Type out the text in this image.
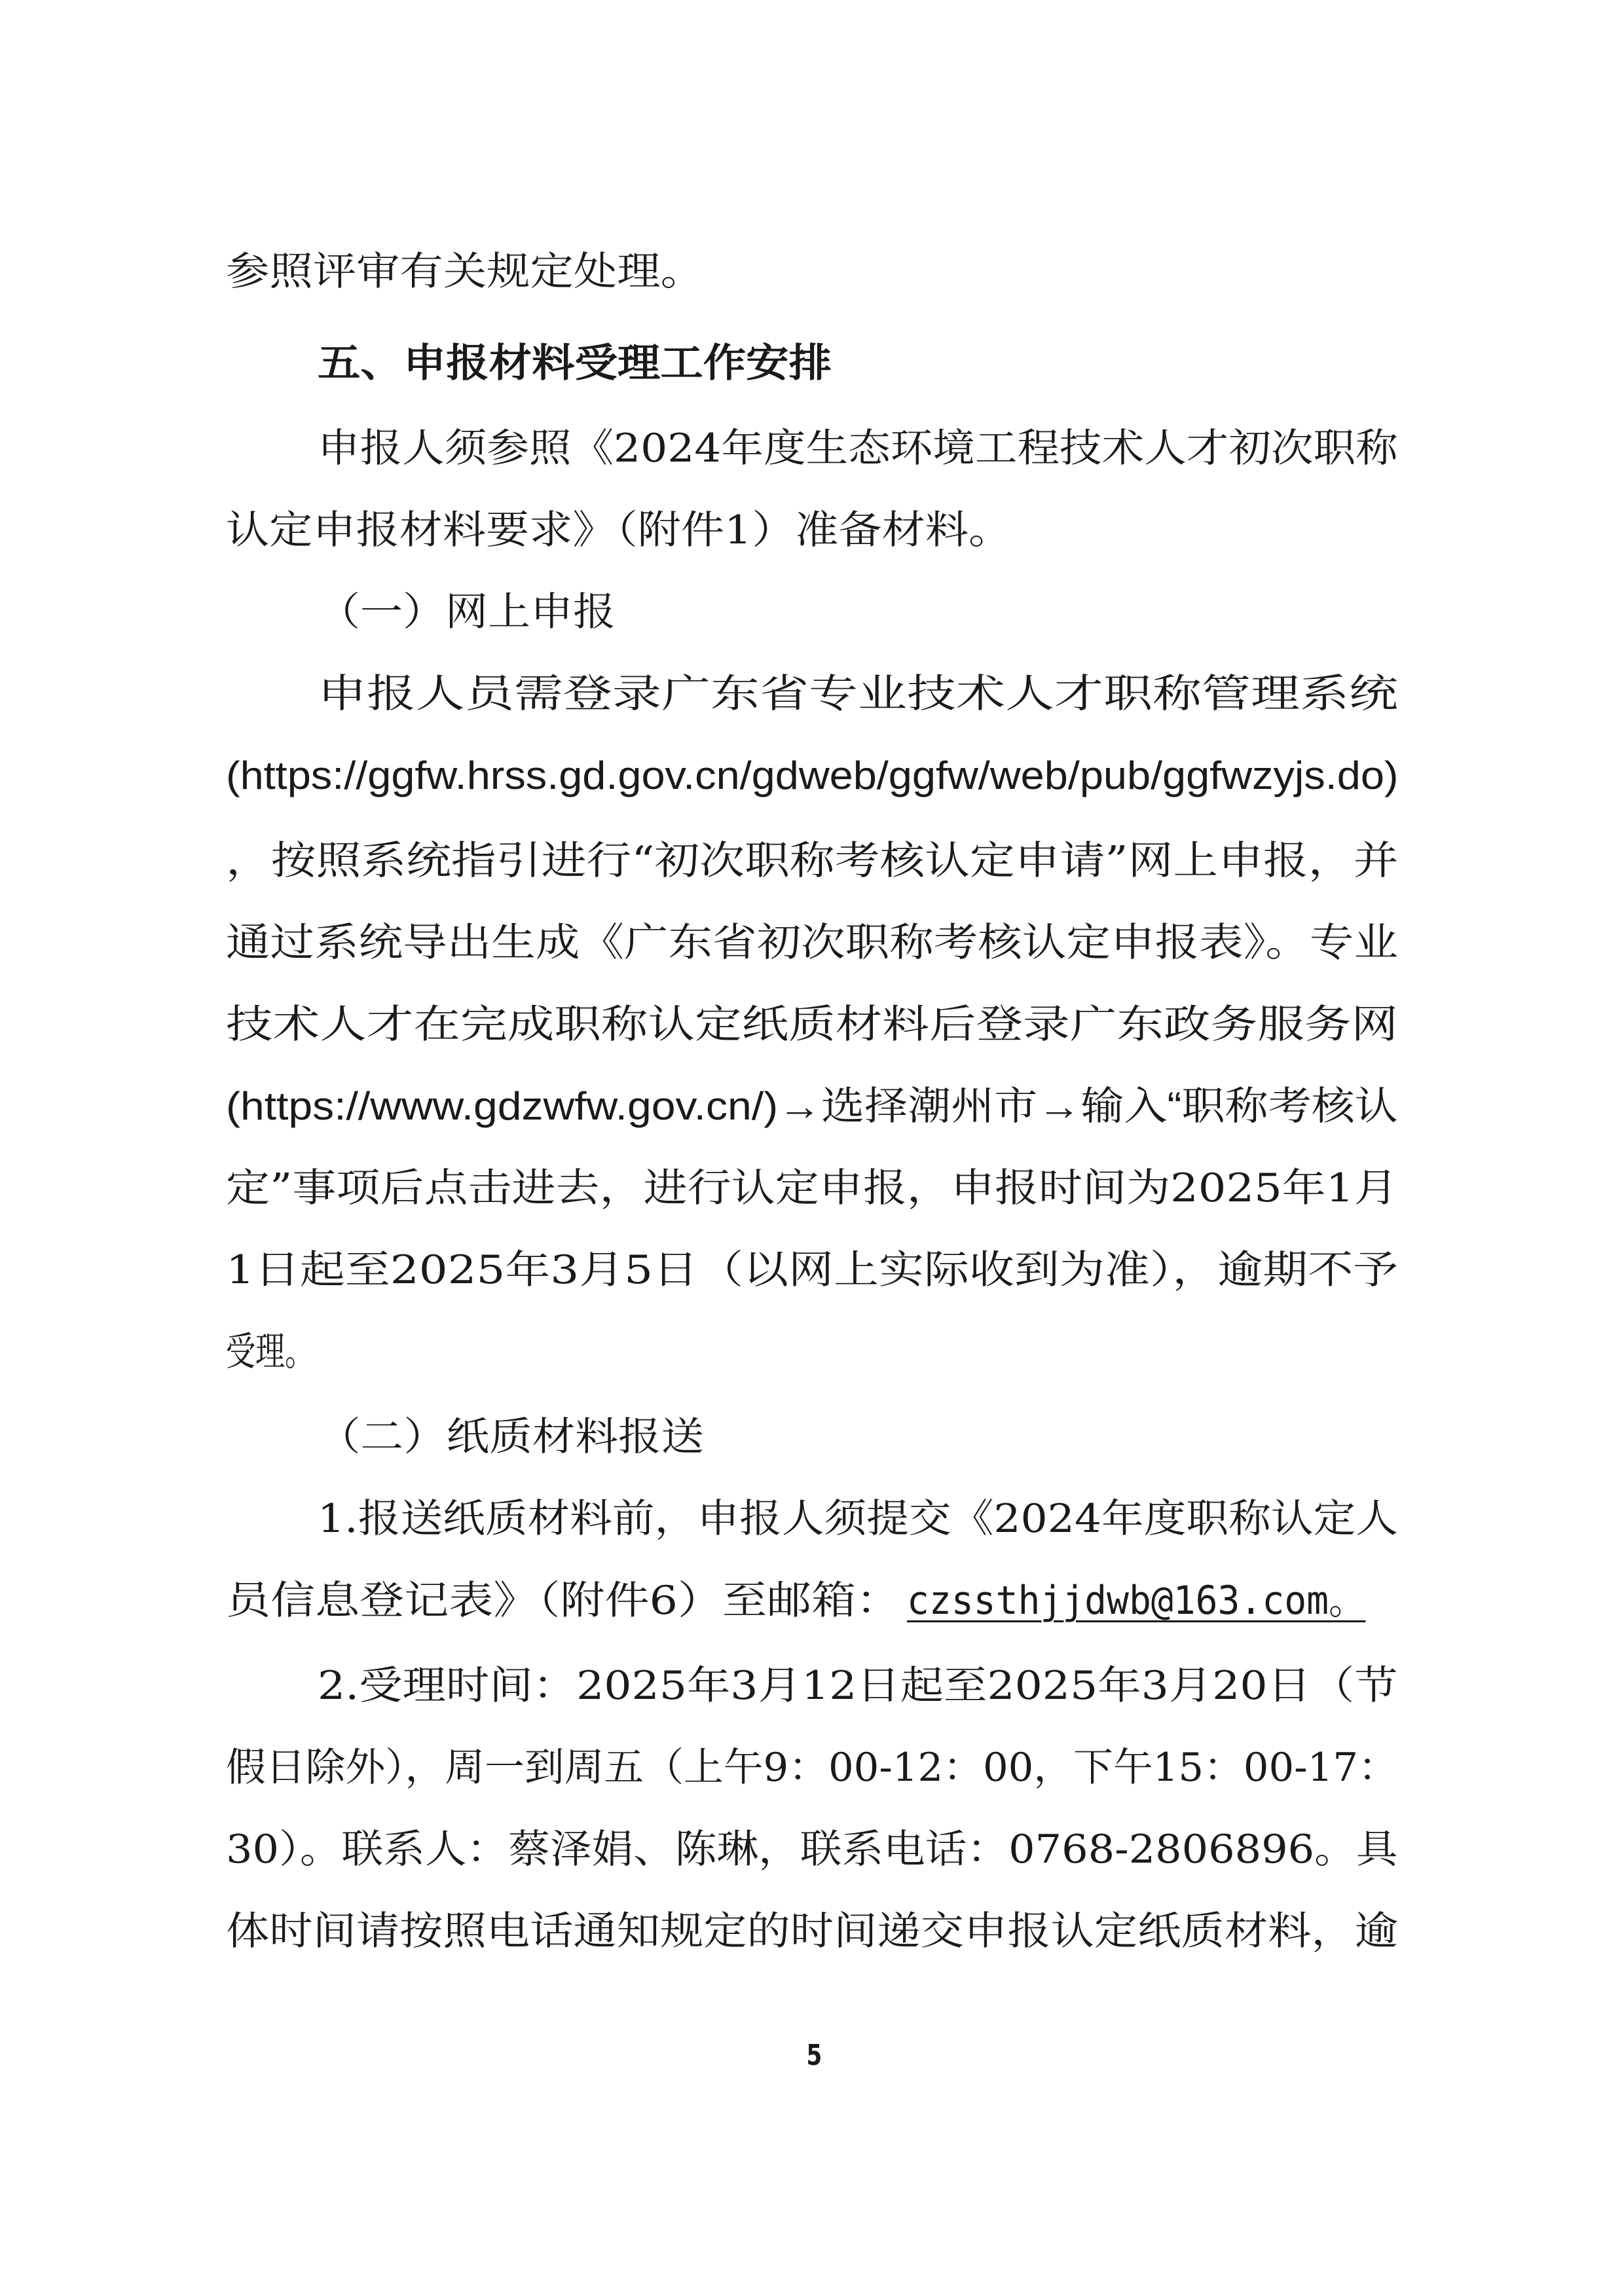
参照评审有关规定处理。
五、申报材料受理工作安排
申报人须参照《2024年度生态环境工程技术人才初次职称
认定申报材料要求》（附件1）准备材料。
（一）网上申报
申报人员需登录广东省专业技术人才职称管理系统
(https://ggfw.hrss.gd.gov.cn/gdweb/ggfw/web/pub/ggfwzyjs.do)
，按照系统指引进行“初次职称考核认定申请”网上申报，并
通过系统导出生成《广东省初次职称考核认定申报表》。专业
技术人才在完成职称认定纸质材料后登录广东政务服务网
(https://www.gdzwfw.gov.cn/)→选择潮州市→输入“职称考核认
定”事项后点击进去，进行认定申报，申报时间为2025年1月
1日起至2025年3月5日（以网上实际收到为准），逾期不予
受理。
（二）纸质材料报送
1.报送纸质材料前，申报人须提交《2024年度职称认定人
员信息登记表》（附件6）至邮箱： czssthjjdwb@163.com。
2.受理时间：2025年3月12日起至2025年3月20日（节
假日除外），周一到周五（上午9：00-12：00，下午15：00-17：
30）。联系人：蔡泽娟、陈琳，联系电话：0768-2806896。具
体时间请按照电话通知规定的时间递交申报认定纸质材料，逾
5
